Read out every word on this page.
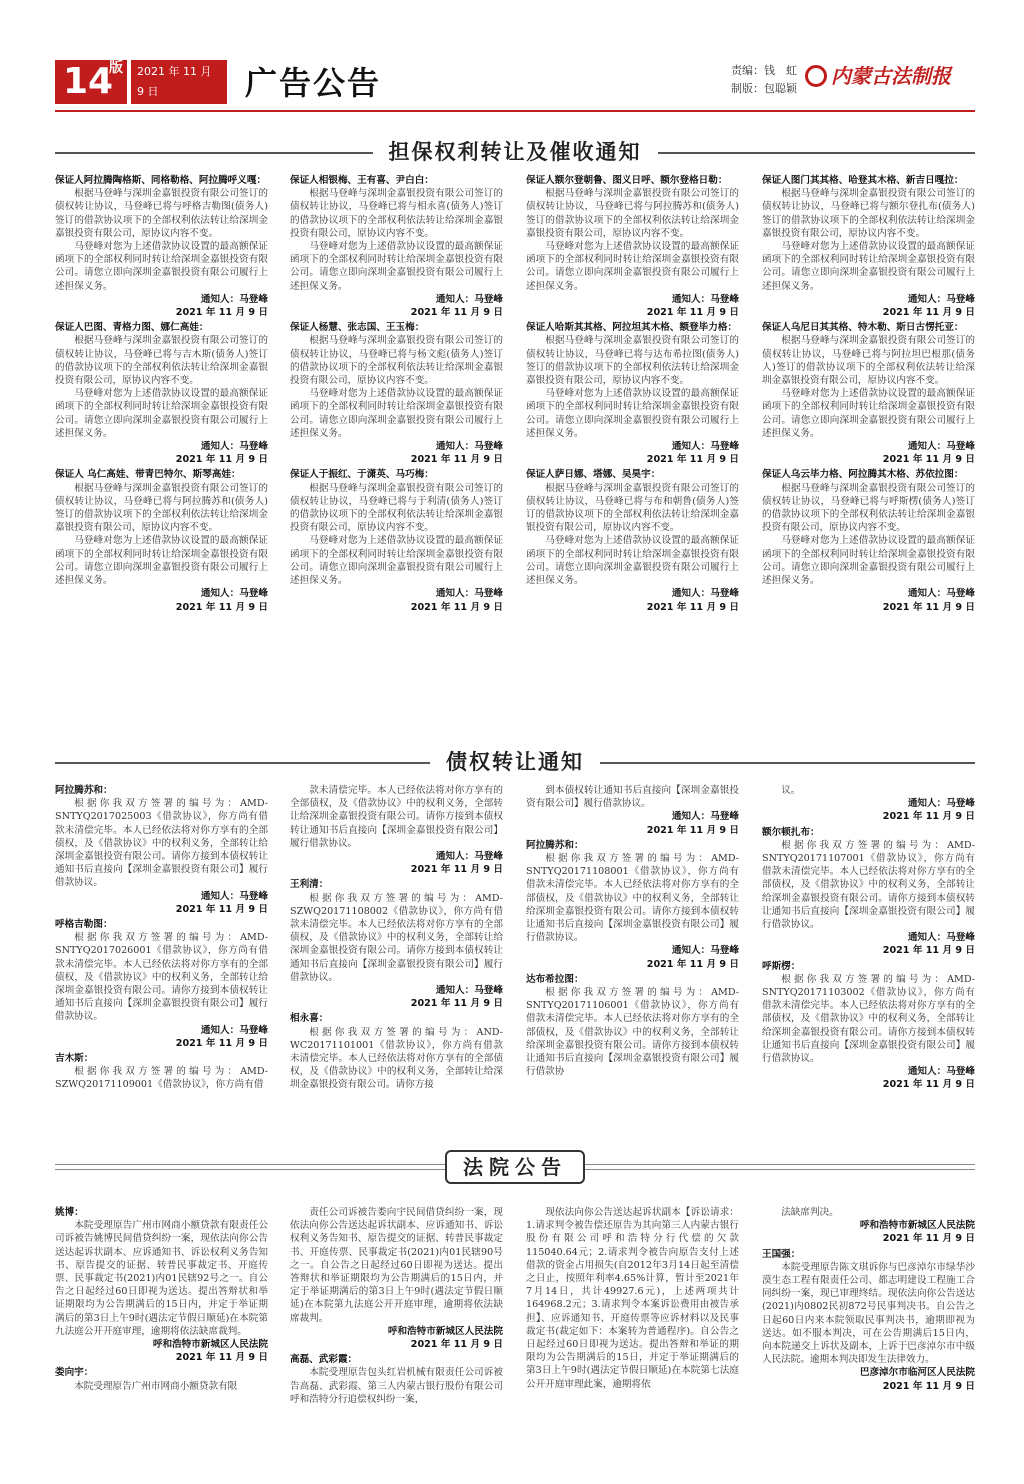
14
版 2021 年 11 月 9 日	广告公告	责编：钱　虹
制版：包聪颖
内蒙古法制报
担保权利转让及催收通知

保证人阿拉腾陶格斯、同格勒格、阿拉腾呼义嘎：

根据马登峰与深圳金嘉银投资有限公司签订的债权转让协议，马登峰已将与呼格吉勒图(债务人)签订的借款协议项下的全部权利依法转让给深圳金嘉银投资有限公司，原协议内容不变。

马登峰对您为上述借款协议设置的最高额保证函项下的全部权利同时转让给深圳金嘉银投资有限公司。请您立即向深圳金嘉银投资有限公司履行上述担保义务。

通知人：马登峰

2021 年 11 月 9 日

保证人巴图、青格力图、娜仁高娃：

根据马登峰与深圳金嘉银投资有限公司签订的债权转让协议，马登峰已将与吉木斯(债务人)签订的借款协议项下的全部权利依法转让给深圳金嘉银投资有限公司，原协议内容不变。

马登峰对您为上述借款协议设置的最高额保证函项下的全部权利同时转让给深圳金嘉银投资有限公司。请您立即向深圳金嘉银投资有限公司履行上述担保义务。

通知人：马登峰

2021 年 11 月 9 日

保证人 乌仁高娃、带青巴特尔、斯琴高娃：

根据马登峰与深圳金嘉银投资有限公司签订的债权转让协议，马登峰已将与阿拉腾苏和(债务人)签订的借款协议项下的全部权利依法转让给深圳金嘉银投资有限公司，原协议内容不变。

马登峰对您为上述借款协议设置的最高额保证函项下的全部权利同时转让给深圳金嘉银投资有限公司。请您立即向深圳金嘉银投资有限公司履行上述担保义务。

通知人：马登峰

2021 年 11 月 9 日

保证人相银梅、王有喜、尹白白：

根据马登峰与深圳金嘉银投资有限公司签订的债权转让协议，马登峰已将与相永喜(债务人)签订的借款协议项下的全部权利依法转让给深圳金嘉银投资有限公司，原协议内容不变。

马登峰对您为上述借款协议设置的最高额保证函项下的全部权利同时转让给深圳金嘉银投资有限公司。请您立即向深圳金嘉银投资有限公司履行上述担保义务。

通知人：马登峰

2021 年 11 月 9 日

保证人杨慧、张志国、王玉梅：

根据马登峰与深圳金嘉银投资有限公司签订的债权转让协议，马登峰已将与杨文彪(债务人)签订的借款协议项下的全部权利依法转让给深圳金嘉银投资有限公司，原协议内容不变。

马登峰对您为上述借款协议设置的最高额保证函项下的全部权利同时转让给深圳金嘉银投资有限公司。请您立即向深圳金嘉银投资有限公司履行上述担保义务。

通知人：马登峰

2021 年 11 月 9 日

保证人于振红、于潇英、马巧梅：

根据马登峰与深圳金嘉银投资有限公司签订的债权转让协议，马登峰已将与于利清(债务人)签订的借款协议项下的全部权利依法转让给深圳金嘉银投资有限公司，原协议内容不变。

马登峰对您为上述借款协议设置的最高额保证函项下的全部权利同时转让给深圳金嘉银投资有限公司。请您立即向深圳金嘉银投资有限公司履行上述担保义务。

通知人：马登峰

2021 年 11 月 9 日

保证人额尔登朝鲁、图义日呼、额尔登格日勒：

根据马登峰与深圳金嘉银投资有限公司签订的债权转让协议，马登峰已将与阿拉腾苏和(债务人)签订的借款协议项下的全部权利依法转让给深圳金嘉银投资有限公司，原协议内容不变。

马登峰对您为上述借款协议设置的最高额保证函项下的全部权利同时转让给深圳金嘉银投资有限公司。请您立即向深圳金嘉银投资有限公司履行上述担保义务。

通知人：马登峰

2021 年 11 月 9 日

保证人哈斯其其格、阿拉坦其木格、额登毕力格：

根据马登峰与深圳金嘉银投资有限公司签订的债权转让协议，马登峰已将与达布希拉图(债务人)签订的借款协议项下的全部权利依法转让给深圳金嘉银投资有限公司，原协议内容不变。

马登峰对您为上述借款协议设置的最高额保证函项下的全部权利同时转让给深圳金嘉银投资有限公司。请您立即向深圳金嘉银投资有限公司履行上述担保义务。

通知人：马登峰

2021 年 11 月 9 日

保证人萨日娜、塔娜、吴昊宇：

根据马登峰与深圳金嘉银投资有限公司签订的债权转让协议，马登峰已将与布和朝鲁(债务人)签订的借款协议项下的全部权利依法转让给深圳金嘉银投资有限公司，原协议内容不变。

马登峰对您为上述借款协议设置的最高额保证函项下的全部权利同时转让给深圳金嘉银投资有限公司。请您立即向深圳金嘉银投资有限公司履行上述担保义务。

通知人：马登峰

2021 年 11 月 9 日

保证人图门其其格、哈登其木格、新吉日嘎拉：

根据马登峰与深圳金嘉银投资有限公司签订的债权转让协议，马登峰已将与额尔登扎布(债务人)签订的借款协议项下的全部权利依法转让给深圳金嘉银投资有限公司，原协议内容不变。

马登峰对您为上述借款协议设置的最高额保证函项下的全部权利同时转让给深圳金嘉银投资有限公司。请您立即向深圳金嘉银投资有限公司履行上述担保义务。

通知人：马登峰

2021 年 11 月 9 日

保证人乌尼日其其格、特木勒、斯日古愣托亚：

根据马登峰与深圳金嘉银投资有限公司签订的债权转让协议，马登峰已将与阿拉坦巴根那(债务人)签订的借款协议项下的全部权利依法转让给深圳金嘉银投资有限公司，原协议内容不变。

马登峰对您为上述借款协议设置的最高额保证函项下的全部权利同时转让给深圳金嘉银投资有限公司。请您立即向深圳金嘉银投资有限公司履行上述担保义务。

通知人：马登峰

2021 年 11 月 9 日

保证人乌云毕力格、阿拉腾其木格、苏依拉图：

根据马登峰与深圳金嘉银投资有限公司签订的债权转让协议，马登峰已将与呼斯楞(债务人)签订的借款协议项下的全部权利依法转让给深圳金嘉银投资有限公司，原协议内容不变。

马登峰对您为上述借款协议设置的最高额保证函项下的全部权利同时转让给深圳金嘉银投资有限公司。请您立即向深圳金嘉银投资有限公司履行上述担保义务。

通知人：马登峰

2021 年 11 月 9 日

债权转让通知

阿拉腾苏和：

根据你我双方签署的编号为：AMD-SNTYQ2017025003《借款协议》，你方尚有借款未清偿完毕。本人已经依法将对你方享有的全部债权，及《借款协议》中的权利义务，全部转让给深圳金嘉银投资有限公司。请你方接到本债权转让通知书后直接向【深圳金嘉银投资有限公司】履行借款协议。

通知人：马登峰

2021 年 11 月 9 日

呼格吉勒图：

根据你我双方签署的编号为：AMD-SNTYQ2017026001《借款协议》，你方尚有借款未清偿完毕。本人已经依法将对你方享有的全部债权，及《借款协议》中的权利义务，全部转让给深圳金嘉银投资有限公司。请你方接到本债权转让通知书后直接向【深圳金嘉银投资有限公司】履行借款协议。

通知人：马登峰

2021 年 11 月 9 日

吉木斯：

根据你我双方签署的编号为：AMD-SZWQ20171109001《借款协议》，你方尚有借

款未清偿完毕。本人已经依法将对你方享有的全部债权，及《借款协议》中的权利义务，全部转让给深圳金嘉银投资有限公司。请你方接到本债权转让通知书后直接向【深圳金嘉银投资有限公司】履行借款协议。

通知人：马登峰

2021 年 11 月 9 日

王利清：

根据你我双方签署的编号为：AMD-SZWQ20171108002《借款协议》，你方尚有借款未清偿完毕。本人已经依法将对你方享有的全部债权，及《借款协议》中的权利义务，全部转让给深圳金嘉银投资有限公司。请你方接到本债权转让通知书后直接向【深圳金嘉银投资有限公司】履行借款协议。

通知人：马登峰

2021 年 11 月 9 日

相永喜：

根据你我双方签署的编号为：AND-WC20171101001《借款协议》，你方尚有借款未清偿完毕。本人已经依法将对你方享有的全部债权，及《借款协议》中的权利义务，全部转让给深圳金嘉银投资有限公司。请你方接

到本债权转让通知书后直接向【深圳金嘉银投资有限公司】履行借款协议。

通知人：马登峰

2021 年 11 月 9 日

阿拉腾苏和：

根据你我双方签署的编号为：AMD-SNTYQ20171108001《借款协议》，你方尚有借款未清偿完毕。本人已经依法将对你方享有的全部债权，及《借款协议》中的权利义务，全部转让给深圳金嘉银投资有限公司。请你方接到本债权转让通知书后直接向【深圳金嘉银投资有限公司】履行借款协议。

通知人：马登峰

2021 年 11 月 9 日

达布希拉图：

根据你我双方签署的编号为：AMD-SNTYQ20171106001《借款协议》，你方尚有借款未清偿完毕。本人已经依法将对你方享有的全部债权，及《借款协议》中的权利义务，全部转让给深圳金嘉银投资有限公司。请你方接到本债权转让通知书后直接向【深圳金嘉银投资有限公司】履行借款协

议。

通知人：马登峰

2021 年 11 月 9 日

额尔顿扎布：

根据你我双方签署的编号为：AMD-SNTYQ20171107001《借款协议》，你方尚有借款未清偿完毕。本人已经依法将对你方享有的全部债权，及《借款协议》中的权利义务，全部转让给深圳金嘉银投资有限公司。请你方接到本债权转让通知书后直接向【深圳金嘉银投资有限公司】履行借款协议。

通知人：马登峰

2021 年 11 月 9 日

呼斯楞：

根据你我双方签署的编号为：AMD-SNTYQ20171103002《借款协议》，你方尚有借款未清偿完毕。本人已经依法将对你方享有的全部债权，及《借款协议》中的权利义务，全部转让给深圳金嘉银投资有限公司。请你方接到本债权转让通知书后直接向【深圳金嘉银投资有限公司】履行借款协议。

通知人：马登峰

2021 年 11 月 9 日

法院公告

姚博：

本院受理原告广州市网商小额贷款有限责任公司诉被告姚博民间借贷纠纷一案，现依法向你公告送达起诉状副本、应诉通知书、诉讼权利义务告知书、原告提交的证据、转普民事裁定书、开庭传票、民事裁定书(2021)内01民辖92号之一。自公告之日起经过60日即视为送达。提出答辩状和举证期限均为公告期满后的15日内，并定于举证期满后的第3日上午9时(遇法定节假日顺延)在本院第九法庭公开开庭审理，逾期将依法缺席裁判。

呼和浩特市新城区人民法院

2021 年 11 月 9 日

娄向宇：

本院受理原告广州市网商小额贷款有限

责任公司诉被告娄向宇民间借贷纠纷一案，现依法向你公告送达起诉状副本、应诉通知书、诉讼权利义务告知书、原告提交的证据、转普民事裁定书、开庭传票、民事裁定书(2021)内01民辖90号之一。自公告之日起经过60日即视为送达。提出答辩状和举证期限均为公告期满后的15日内，并定于举证期满后的第3日上午9时(遇法定节假日顺延)在本院第九法庭公开开庭审理，逾期将依法缺席裁判。

呼和浩特市新城区人民法院

2021 年 11 月 9 日

高磊、武彩霞：

本院受理原告包头红岩机械有限责任公司诉被告高磊、武彩霞、第三人内蒙古银行股份有限公司呼和浩特分行追偿权纠纷一案，

现依法向你公告送达起诉状副本【诉讼请求：1.请求判令被告偿还原告为其向第三人内蒙古银行股份有限公司呼和浩特分行代偿的欠款115040.64元；2.请求判令被告向原告支付上述借款的资金占用损失(自2012年3月14日起至清偿之日止，按照年利率4.65%计算，暂计至2021年7月14日，共计49927.6元)，上述两项共计164968.2元；3.请求判令本案诉讼费用由被告承担】、应诉通知书、开庭传票等应诉材料以及民事裁定书(裁定如下：本案转为普通程序)。自公告之日起经过60日即视为送达。提出答辩和举证的期限均为公告期满后的15日，并定于举证期满后的第3日上午9时(遇法定节假日顺延)在本院第七法庭公开开庭审理此案，逾期将依

法缺席判决。

呼和浩特市新城区人民法院

2021 年 11 月 9 日

王国强：

本院受理原告陈文琪诉你与巴彦淖尔市绿华沙漠生态工程有限责任公司、都志明建设工程施工合同纠纷一案，现已审理终结。现依法向你公告送达(2021)内0802民初872号民事判决书。自公告之日起60日内来本院领取民事判决书，逾期即视为送达。如不服本判决，可在公告期满后15日内，向本院递交上诉状及副本，上诉于巴彦淖尔市中级人民法院。逾期本判决即发生法律效力。

巴彦淖尔市临河区人民法院

2021 年 11 月 9 日
